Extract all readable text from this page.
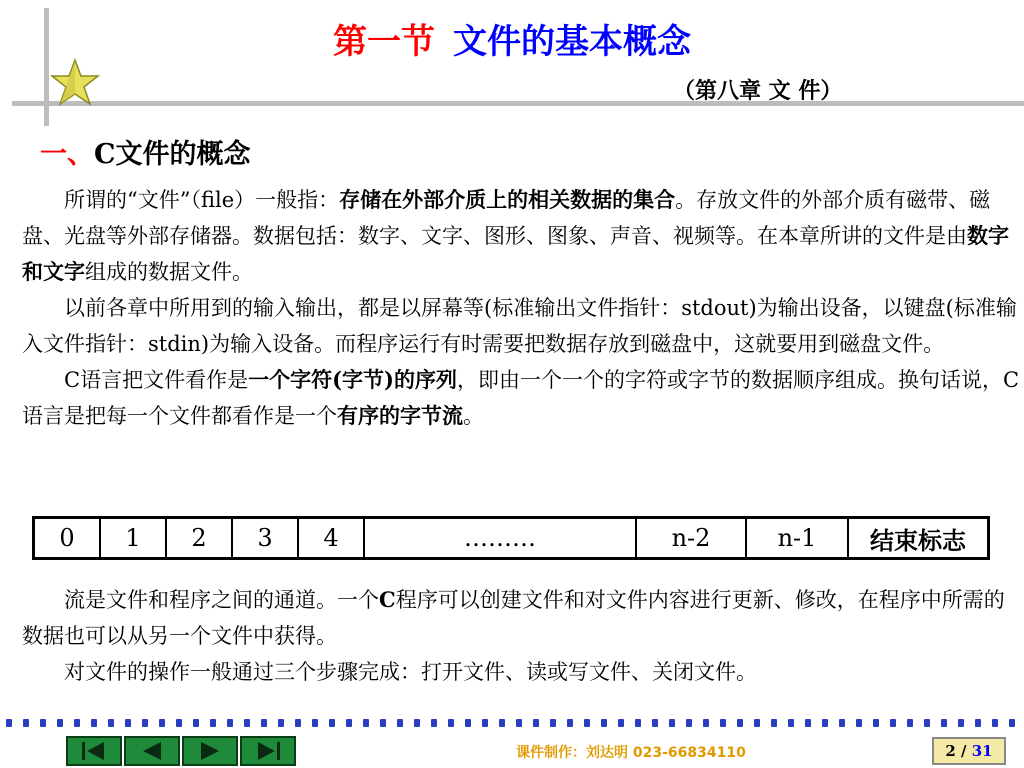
第一节 文件的基本概念
（第八章 文 件）
一、C文件的概念

所谓的“文件”（file）一般指：存储在外部介质上的相关数据的集合。存放文件的外部介质有磁带、磁盘、光盘等外部存储器。数据包括：数字、文字、图形、图象、声音、视频等。在本章所讲的文件是由数字和文字组成的数据文件。

以前各章中所用到的输入输出，都是以屏幕等(标准输出文件指针：stdout)为输出设备，以键盘(标准输入文件指针：stdin)为输入设备。而程序运行有时需要把数据存放到磁盘中，这就要用到磁盘文件。

C语言把文件看作是一个字符(字节)的序列，即由一个一个的字符或字节的数据顺序组成。换句话说，C语言是把每一个文件都看作是一个有序的字节流。

0	1	2	3	4	………	n-2	n-1	结束标志

流是文件和程序之间的通道。一个C程序可以创建文件和对文件内容进行更新、修改，在程序中所需的数据也可以从另一个文件中获得。

对文件的操作一般通过三个步骤完成：打开文件、读或写文件、关闭文件。

课件制作：刘达明 023-66834110	2 / 31
